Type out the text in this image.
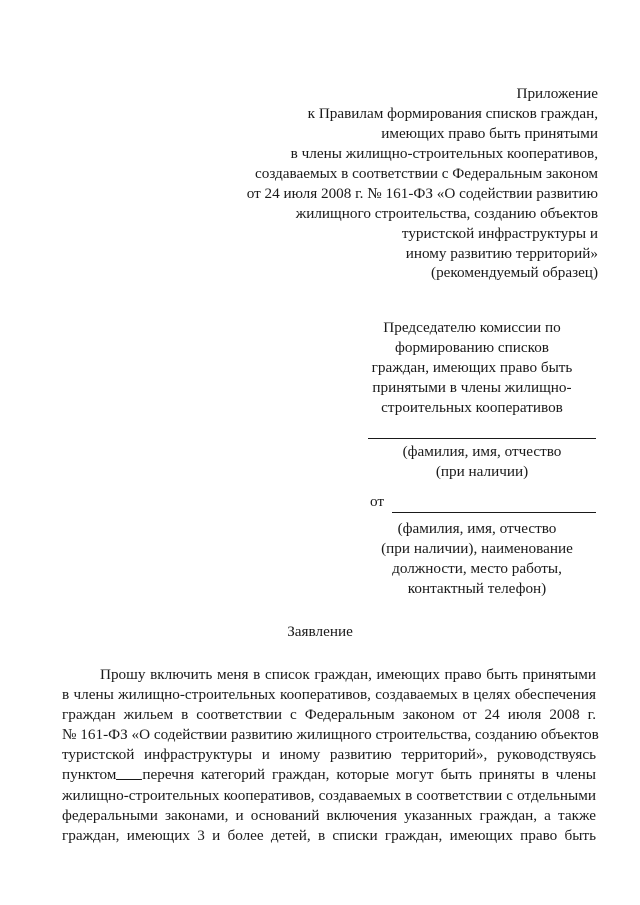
Приложение
к Правилам формирования списков граждан,
имеющих право быть принятыми
в члены жилищно-строительных кооперативов,
создаваемых в соответствии с Федеральным законом
от 24 июля 2008 г. № 161-ФЗ «О содействии развитию
жилищного строительства, созданию объектов
туристской инфраструктуры и
иному развитию территорий»
(рекомендуемый образец)
Председателю комиссии по
формированию списков
граждан, имеющих право быть
принятыми в члены жилищно-
строительных кооперативов
(фамилия, имя, отчество
(при наличии)
от
(фамилия, имя, отчество
(при наличии), наименование
должности, место работы,
контактный телефон)
Заявление
Прошу включить меня в список граждан, имеющих право быть принятыми
в члены жилищно-строительных кооперативов, создаваемых в целях обеспечения
граждан жильем в соответствии с Федеральным законом от 24 июля 2008 г.
№ 161-ФЗ «О содействии развитию жилищного строительства, созданию объектов
туристской инфраструктуры и иному развитию территорий», руководствуясь
пунктом перечня категорий граждан, которые могут быть приняты в члены
жилищно-строительных кооперативов, создаваемых в соответствии с отдельными
федеральными законами, и оснований включения указанных граждан, а также
граждан, имеющих 3 и более детей, в списки граждан, имеющих право быть
